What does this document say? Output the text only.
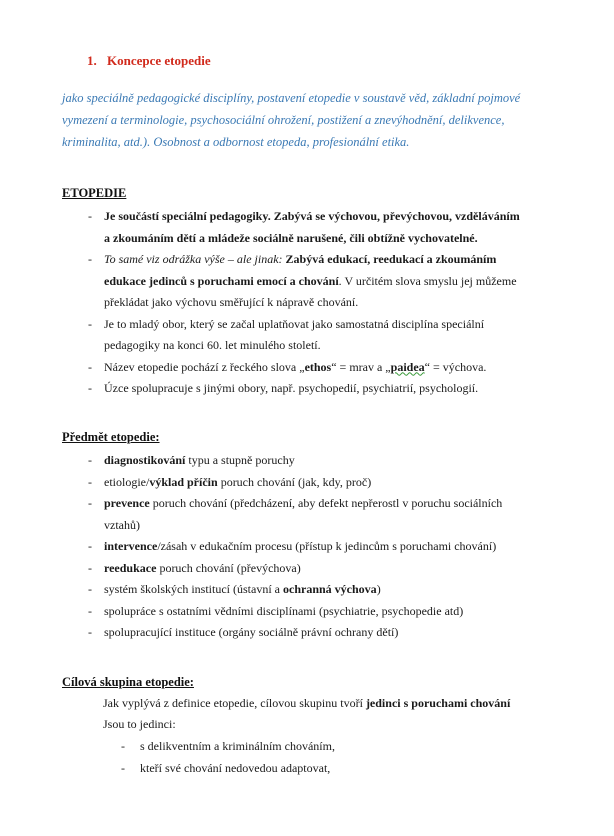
1. Koncepce etopedie
jako speciálně pedagogické disciplíny, postavení etopedie v soustavě věd, základní pojmové
vymezení a terminologie, psychosociální ohrožení, postižení a znevýhodnění, delikvence,
kriminalita, atd.). Osobnost a odbornost etopeda, profesionální etika.
ETOPEDIE
- Je součástí speciální pedagogiky. Zabývá se výchovou, převýchovou, vzděláváním
a zkoumáním dětí a mládeže sociálně narušené, čili obtížně vychovatelné.
- To samé viz odrážka výše – ale jinak: Zabývá edukací, reedukací a zkoumáním
edukace jedinců s poruchami emocí a chování. V určitém slova smyslu jej můžeme
překládat jako výchovu směřující k nápravě chování.
- Je to mladý obor, který se začal uplatňovat jako samostatná disciplína speciální
pedagogiky na konci 60. let minulého století.
- Název etopedie pochází z řeckého slova „ethos“ = mrav a „paidea“ = výchova.
- Úzce spolupracuje s jinými obory, např. psychopedií, psychiatrií, psychologií.
Předmět etopedie:
- diagnostikování typu a stupně poruchy
- etiologie/výklad příčin poruch chování (jak, kdy, proč)
- prevence poruch chování (předcházení, aby defekt nepřerostl v poruchu sociálních
vztahů)
- intervence/zásah v edukačním procesu (přístup k jedincům s poruchami chování)
- reedukace poruch chování (převýchova)
- systém školských institucí (ústavní a ochranná výchova)
- spolupráce s ostatními vědními disciplínami (psychiatrie, psychopedie atd)
- spolupracující instituce (orgány sociálně právní ochrany dětí)
Cílová skupina etopedie:
Jak vyplývá z definice etopedie, cílovou skupinu tvoří jedinci s poruchami chování
Jsou to jedinci:
- s delikventním a kriminálním chováním,
- kteří své chování nedovedou adaptovat,
